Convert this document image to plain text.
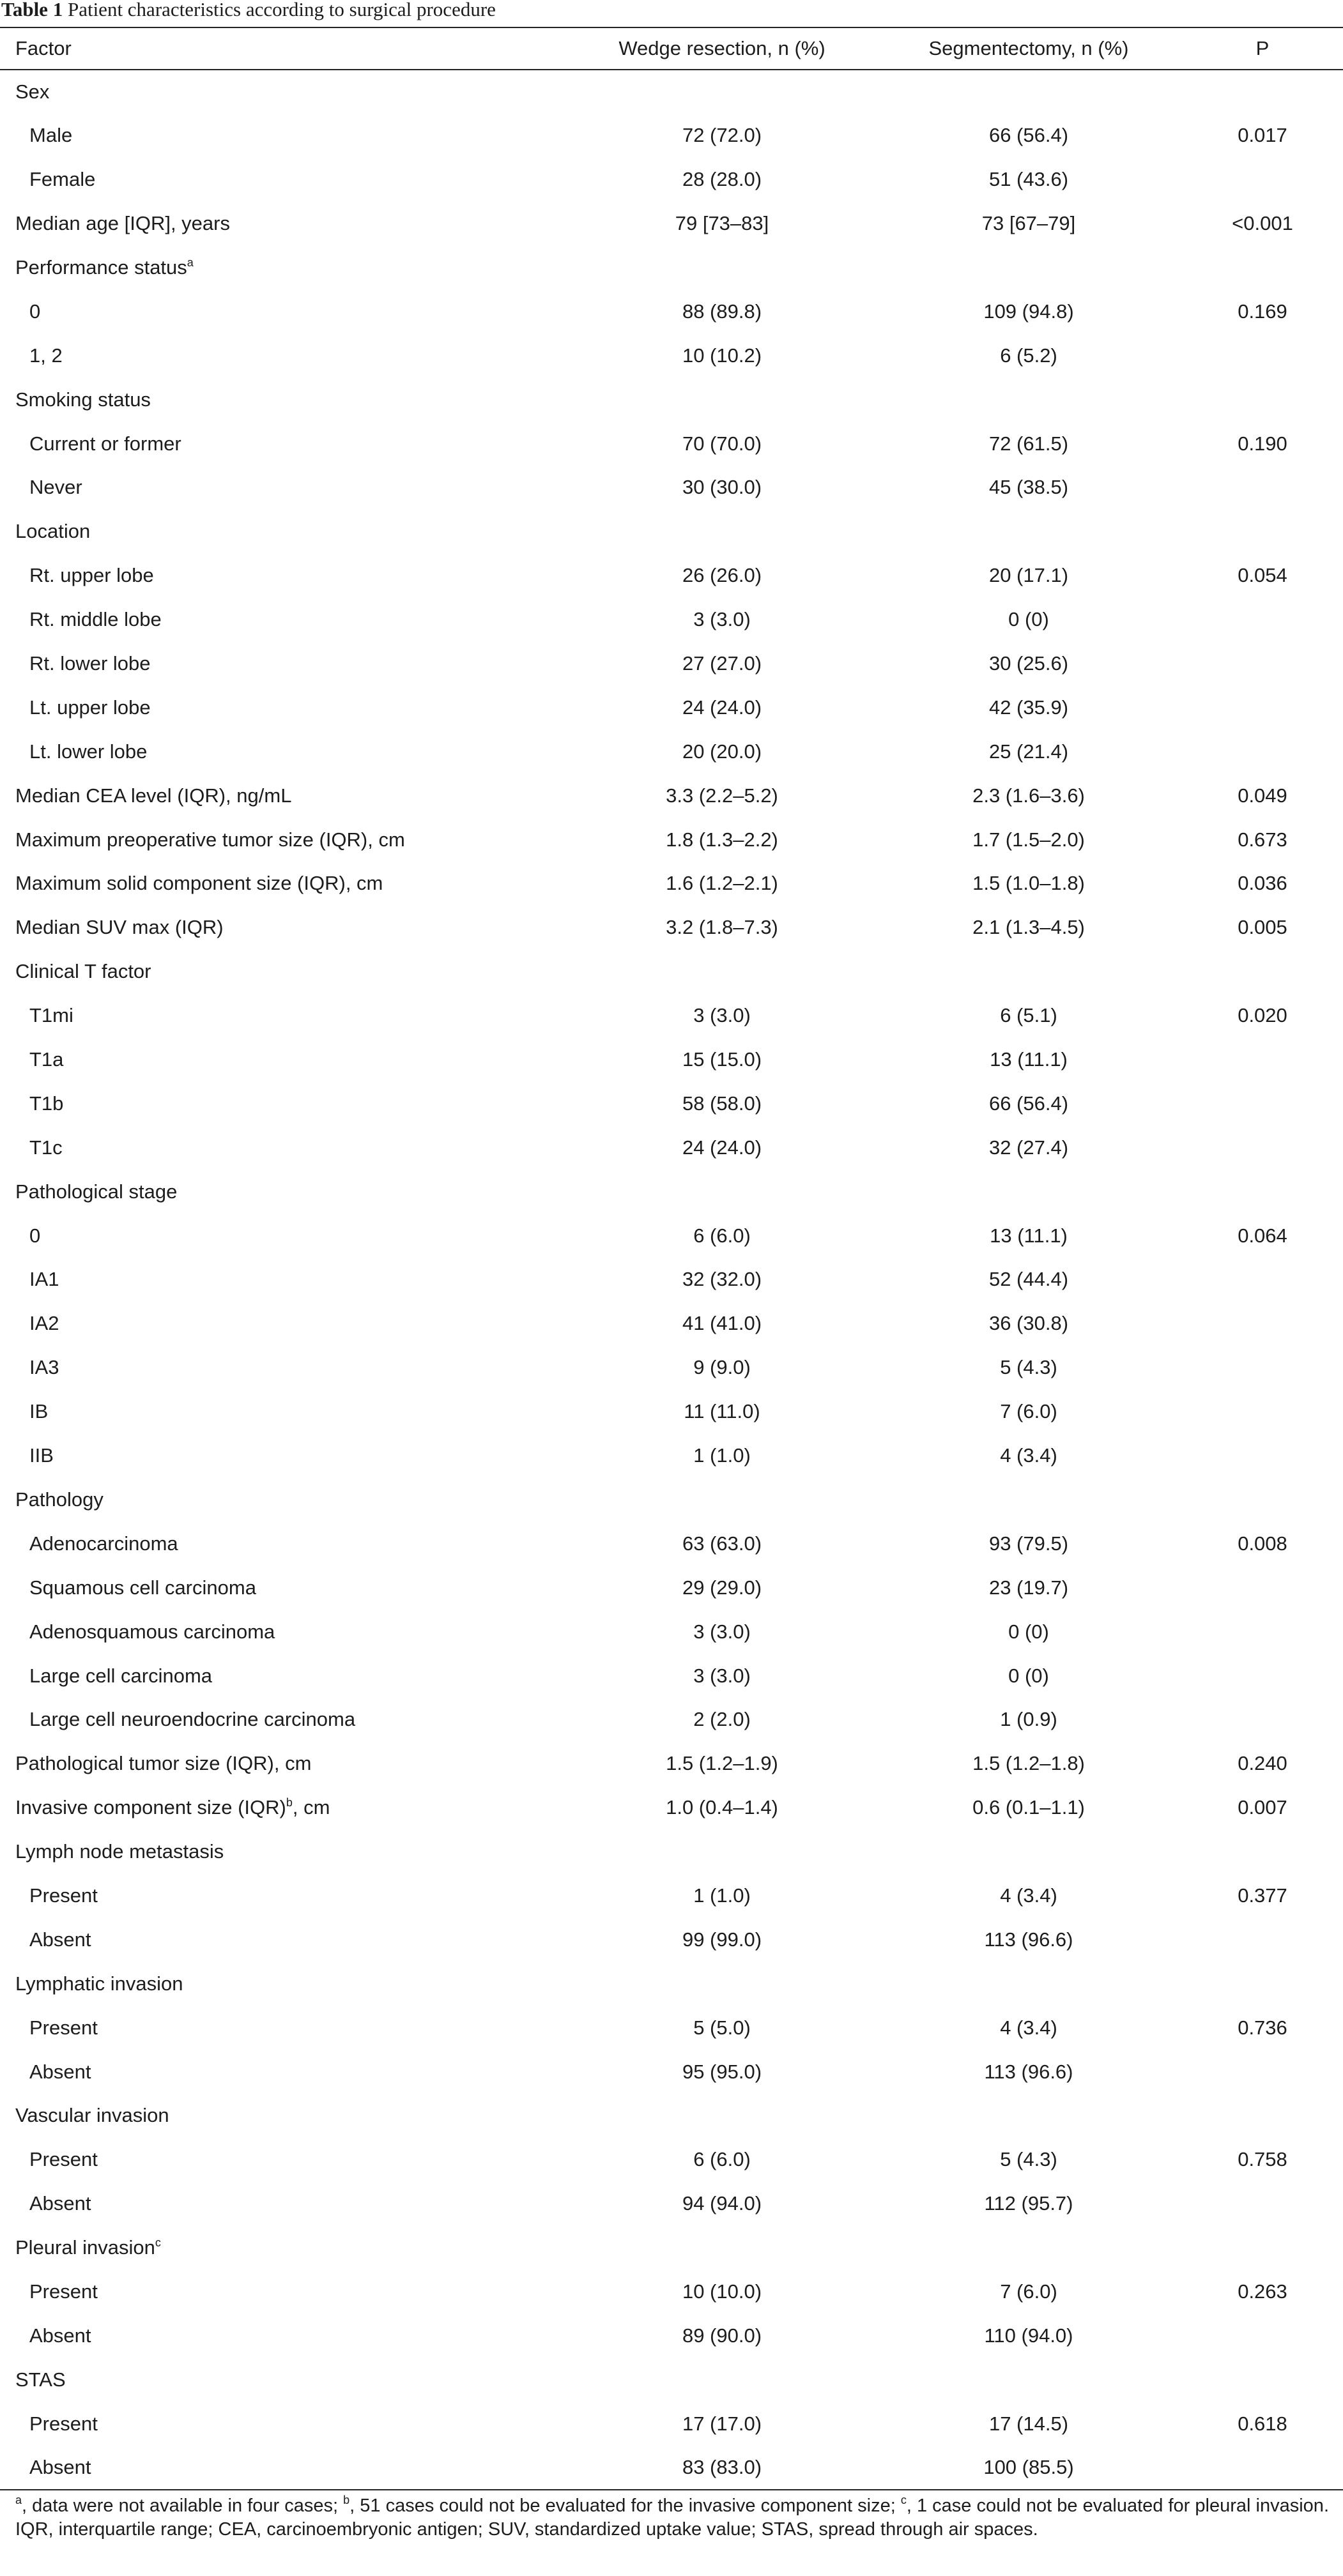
Table 1 Patient characteristics according to surgical procedure
Factor	Wedge resection, n (%)	Segmentectomy, n (%)	P
Sex			
Male	72 (72.0)	66 (56.4)	0.017
Female	28 (28.0)	51 (43.6)	
Median age [IQR], years	79 [73–83]	73 [67–79]	<0.001
Performance status$^a$			
0	88 (89.8)	109 (94.8)	0.169
1, 2	10 (10.2)	6 (5.2)	
Smoking status			
Current or former	70 (70.0)	72 (61.5)	0.190
Never	30 (30.0)	45 (38.5)	
Location			
Rt. upper lobe	26 (26.0)	20 (17.1)	0.054
Rt. middle lobe	3 (3.0)	0 (0)	
Rt. lower lobe	27 (27.0)	30 (25.6)	
Lt. upper lobe	24 (24.0)	42 (35.9)	
Lt. lower lobe	20 (20.0)	25 (21.4)	
Median CEA level (IQR), ng/mL	3.3 (2.2–5.2)	2.3 (1.6–3.6)	0.049
Maximum preoperative tumor size (IQR), cm	1.8 (1.3–2.2)	1.7 (1.5–2.0)	0.673
Maximum solid component size (IQR), cm	1.6 (1.2–2.1)	1.5 (1.0–1.8)	0.036
Median SUV max (IQR)	3.2 (1.8–7.3)	2.1 (1.3–4.5)	0.005
Clinical T factor			
T1mi	3 (3.0)	6 (5.1)	0.020
T1a	15 (15.0)	13 (11.1)	
T1b	58 (58.0)	66 (56.4)	
T1c	24 (24.0)	32 (27.4)	
Pathological stage			
0	6 (6.0)	13 (11.1)	0.064
IA1	32 (32.0)	52 (44.4)	
IA2	41 (41.0)	36 (30.8)	
IA3	9 (9.0)	5 (4.3)	
IB	11 (11.0)	7 (6.0)	
IIB	1 (1.0)	4 (3.4)	
Pathology			
Adenocarcinoma	63 (63.0)	93 (79.5)	0.008
Squamous cell carcinoma	29 (29.0)	23 (19.7)	
Adenosquamous carcinoma	3 (3.0)	0 (0)	
Large cell carcinoma	3 (3.0)	0 (0)	
Large cell neuroendocrine carcinoma	2 (2.0)	1 (0.9)	
Pathological tumor size (IQR), cm	1.5 (1.2–1.9)	1.5 (1.2–1.8)	0.240
Invasive component size (IQR)$^b$, cm	1.0 (0.4–1.4)	0.6 (0.1–1.1)	0.007
Lymph node metastasis			
Present	1 (1.0)	4 (3.4)	0.377
Absent	99 (99.0)	113 (96.6)	
Lymphatic invasion			
Present	5 (5.0)	4 (3.4)	0.736
Absent	95 (95.0)	113 (96.6)	
Vascular invasion			
Present	6 (6.0)	5 (4.3)	0.758
Absent	94 (94.0)	112 (95.7)	
Pleural invasion$^c$			
Present	10 (10.0)	7 (6.0)	0.263
Absent	89 (90.0)	110 (94.0)	
STAS			
Present	17 (17.0)	17 (14.5)	0.618
Absent	83 (83.0)	100 (85.5)	
$^a$, data were not available in four cases; $^b$, 51 cases could not be evaluated for the invasive component size; $^c$, 1 case could not be evaluated for pleural invasion. IQR, interquartile range; CEA, carcinoembryonic antigen; SUV, standardized uptake value; STAS, spread through air spaces.
